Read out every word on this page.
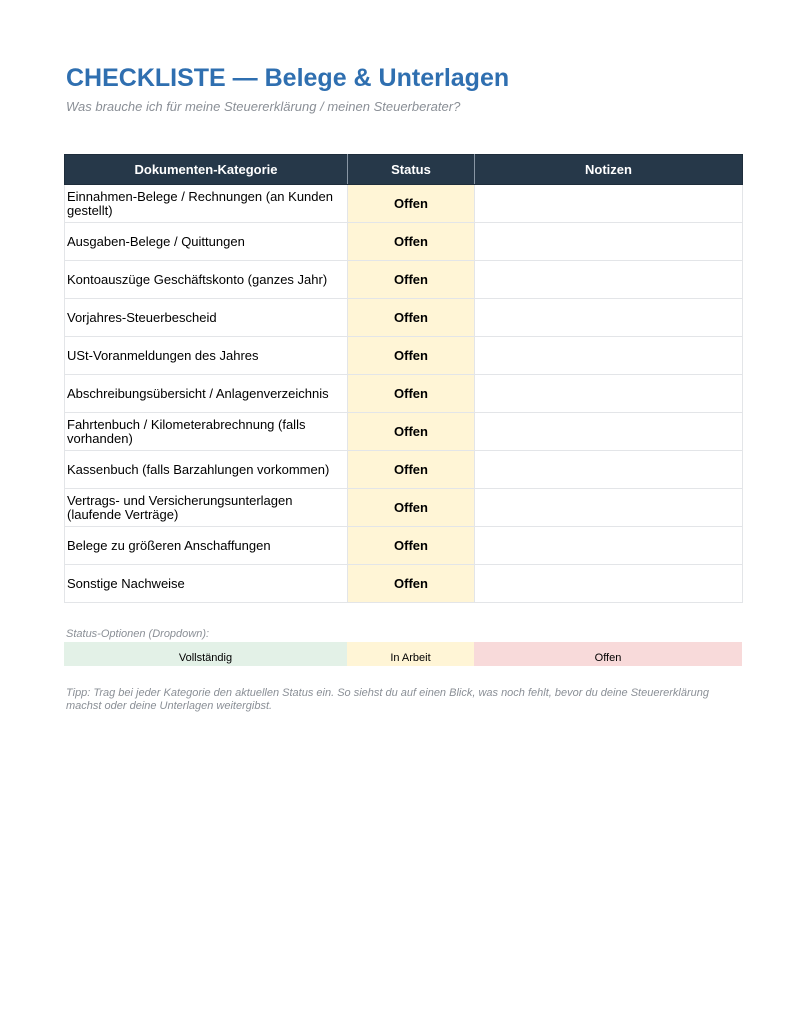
CHECKLISTE — Belege & Unterlagen
Was brauche ich für meine Steuererklärung / meinen Steuerberater?
Dokumenten-Kategorie	Status	Notizen
Einnahmen-Belege / Rechnungen (an Kunden gestellt)	Offen	
Ausgaben-Belege / Quittungen	Offen	
Kontoauszüge Geschäftskonto (ganzes Jahr)	Offen	
Vorjahres-Steuerbescheid	Offen	
USt-Voranmeldungen des Jahres	Offen	
Abschreibungsübersicht / Anlagenverzeichnis	Offen	
Fahrtenbuch / Kilometerabrechnung (falls vorhanden)	Offen	
Kassenbuch (falls Barzahlungen vorkommen)	Offen	
Vertrags- und Versicherungsunterlagen (laufende Verträge)	Offen	
Belege zu größeren Anschaffungen	Offen	
Sonstige Nachweise	Offen	
Status-Optionen (Dropdown):
Vollständig	In Arbeit	Offen
Tipp: Trag bei jeder Kategorie den aktuellen Status ein. So siehst du auf einen Blick, was noch fehlt, bevor du deine Steuererklärung machst oder deine Unterlagen weitergibst.
